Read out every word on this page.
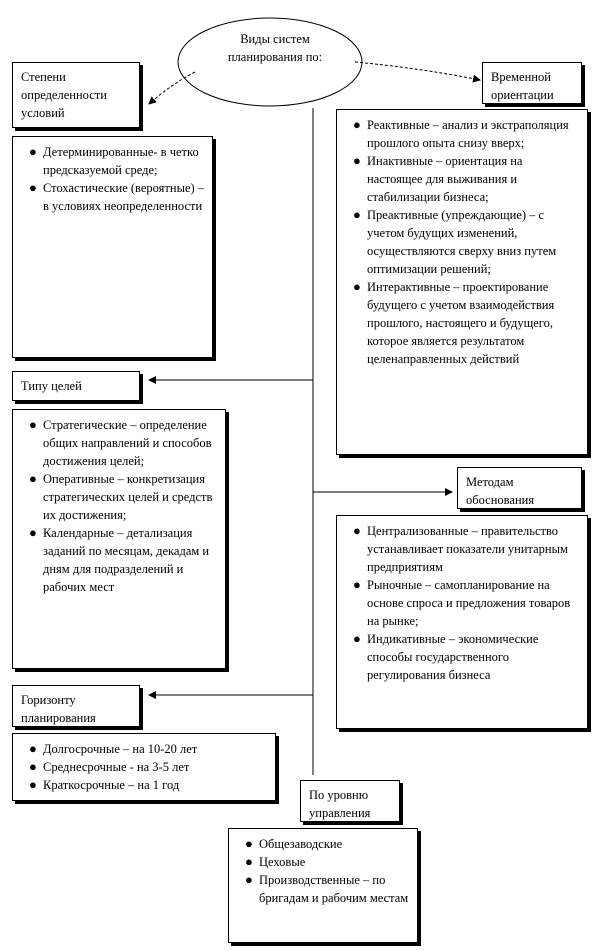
Виды систем
планирования по:
Степени определенности условий
● Детерминированные- в четко предсказуемой среде;
● Стохастические (вероятные) – в условиях неопределенности
Временной ориентации
● Реактивные – анализ и экстраполяция прошлого опыта снизу вверх;
● Инактивные – ориентация на настоящее для выживания и стабилизации бизнеса;
● Преактивные (упреждающие) – с учетом будущих изменений, осуществляются сверху вниз путем оптимизации решений;
● Интерактивные – проектирование будущего с учетом взаимодействия прошлого, настоящего и будущего, которое является результатом целенаправленных действий
Типу целей
● Стратегические – определение общих направлений и способов достижения целей;
● Оперативные – конкретизация стратегических целей и средств их достижения;
● Календарные – детализация заданий по месяцам, декадам и дням для подразделений и рабочих мест
Методам обоснования
● Централизованные – правительство устанавливает показатели унитарным предприятиям
● Рыночные – самопланирование на основе спроса и предложения товаров на рынке;
● Индикативные – экономические способы государственного регулирования бизнеса
Горизонту планирования
● Долгосрочные – на 10-20 лет
● Среднесрочные - на 3-5 лет
● Краткосрочные – на 1 год
По уровню управления
● Общезаводские
● Цеховые
● Производственные – по бригадам и рабочим местам
